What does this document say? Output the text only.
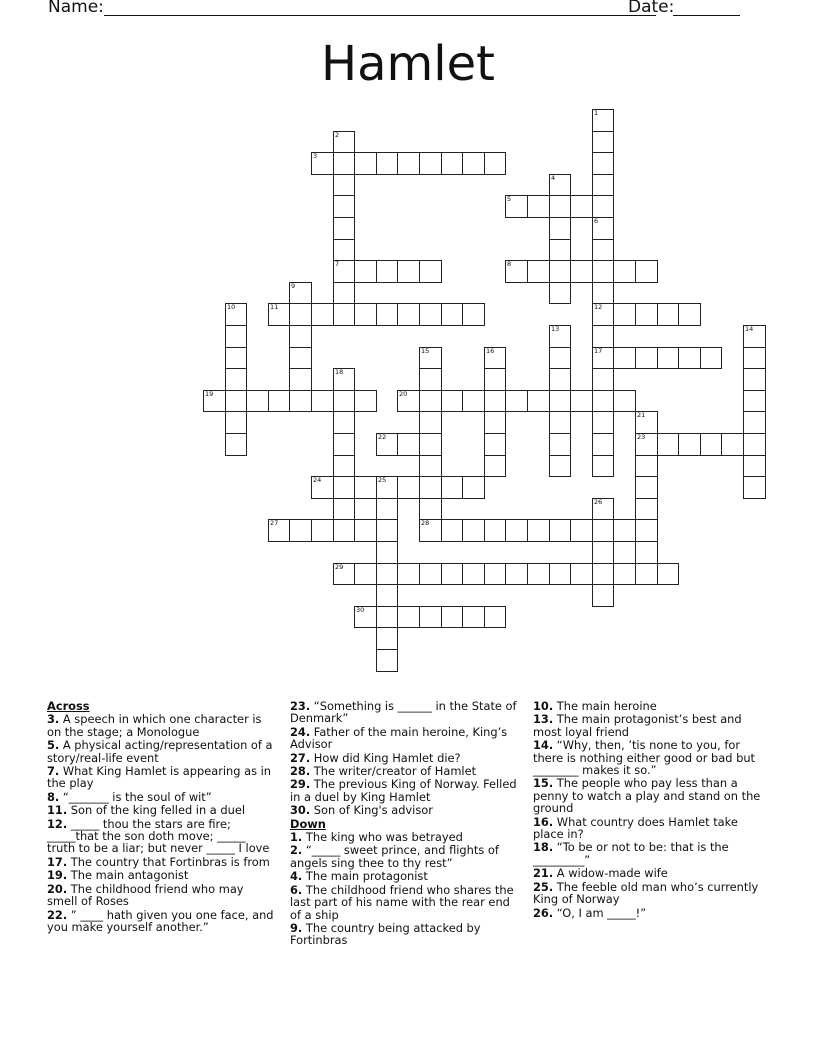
Name:	Date:
Hamlet
1
6
2
7
3
4
5
12
17
8
9
10	11
13	14
15
28
16
18
19	20
21
23
22
24	25
26
27
29
30
Across
3. A speech in which one character is on the stage; a Monologue
5. A physical acting/representation of a story/real-life event
7. What King Hamlet is appearing as in the play
8. “_______ is the soul of wit”
11. Son of the king felled in a duel
12. _____ thou the stars are fire; _____that the son doth move; _____ truth to be a liar; but never _____ I love
17. The country that Fortinbras is from
19. The main antagonist
20. The childhood friend who may smell of Roses
22. ” ____ hath given you one face, and you make yourself another.”
23. “Something is ______ in the State of Denmark”
24. Father of the main heroine, King’s Advisor
27. How did King Hamlet die?
28. The writer/creator of Hamlet
29. The previous King of Norway. Felled in a duel by King Hamlet
30. Son of King's advisor
Down
1. The king who was betrayed
2. “_____ sweet prince, and flights of angels sing thee to thy rest”
4. The main protagonist
6. The childhood friend who shares the last part of his name with the rear end of a ship
9. The country being attacked by Fortinbras
10. The main heroine
13. The main protagonist’s best and most loyal friend
14. “Why, then, ’tis none to you, for there is nothing either good or bad but ________ makes it so.”
15. The people who pay less than a penny to watch a play and stand on the ground
16. What country does Hamlet take place in?
18. “To be or not to be: that is the _________”
21. A widow-made wife
25. The feeble old man who’s currently King of Norway
26. “O, I am _____!”
